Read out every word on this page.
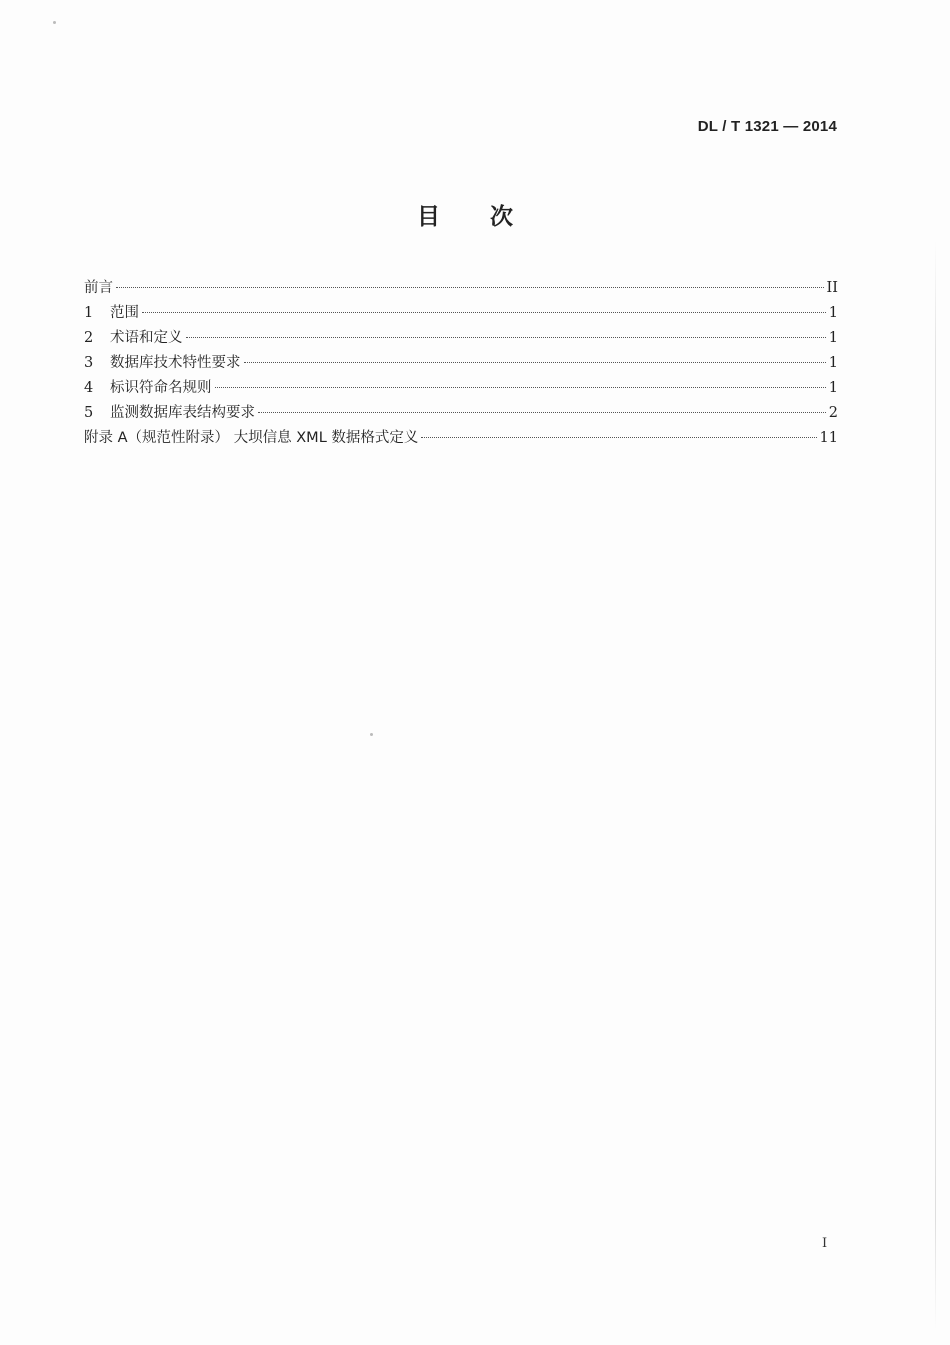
DL / T 1321 — 2014
目 次
前言	II
1	范围	1
2	术语和定义	1
3	数据库技术特性要求	1
4	标识符命名规则	1
5	监测数据库表结构要求	2
附录 A（规范性附录） 大坝信息 XML 数据格式定义	11
I
